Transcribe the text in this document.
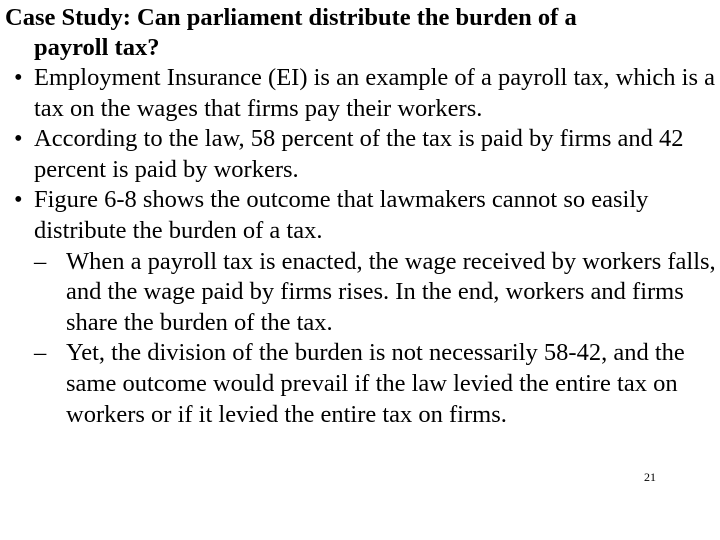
Case Study: Can parliament distribute the burden of a
payroll tax?
• Employment Insurance (EI) is an example of a payroll tax, which is a tax on the wages that firms pay their workers.
• According to the law, 58 percent of the tax is paid by firms and 42 percent is paid by workers.
• Figure 6-8 shows the outcome that lawmakers cannot so easily distribute the burden of a tax.
– When a payroll tax is enacted, the wage received by workers falls, and the wage paid by firms rises. In the end, workers and firms share the burden of the tax.
– Yet, the division of the burden is not necessarily 58-42, and the same outcome would prevail if the law levied the entire tax on workers or if it levied the entire tax on firms.
21
